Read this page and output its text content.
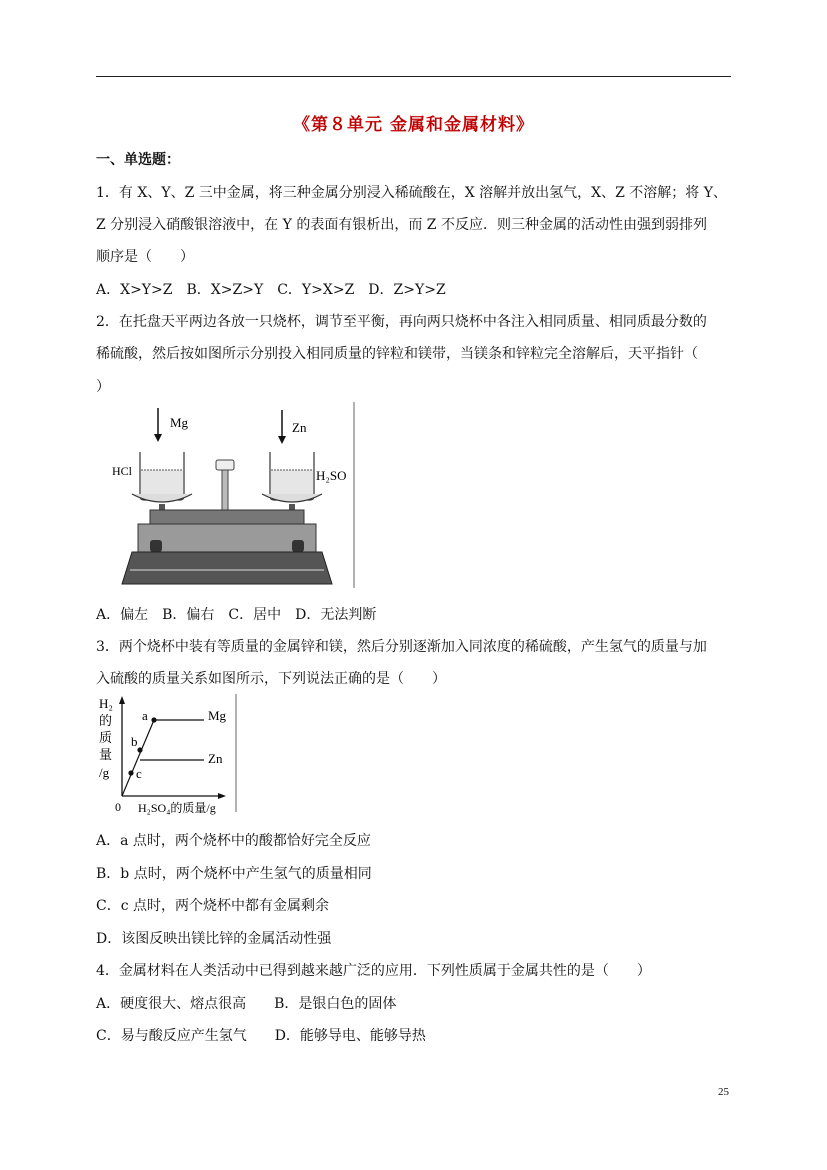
《第８单元 金属和金属材料》
一、单选题：
1．有 X、Y、Z 三中金属，将三种金属分别浸入稀硫酸在，X 溶解并放出氢气，X、Z 不溶解；将 Y、
Z 分别浸入硝酸银溶液中，在 Y 的表面有银析出，而 Z 不反应．则三种金属的活动性由强到弱排列
顺序是（　　）
A．X>Y>Z　B．X>Z>Y　C．Y>X>Z　D．Z>Y>Z
2．在托盘天平两边各放一只烧杯，调节至平衡，再向两只烧杯中各注入相同质量、相同质最分数的
稀硫酸，然后按如图所示分别投入相同质量的锌粒和镁带，当镁条和锌粒完全溶解后，天平指针（
）
Mg	Zn
HCl	H₂SO
A．偏左　B．偏右　C．居中　D．无法判断
3．两个烧杯中装有等质量的金属锌和镁，然后分别逐渐加入同浓度的稀硫酸，产生氢气的质量与加
入硫酸的质量关系如图所示，下列说法正确的是（　　）
H₂
的
质
量
/g
0 H₂SO₄的质量/g
a
b
c
Mg
Zn
A．a 点时，两个烧杯中的酸都恰好完全反应
B．b 点时，两个烧杯中产生氢气的质量相同
C．c 点时，两个烧杯中都有金属剩余
D．该图反映出镁比锌的金属活动性强
4．金属材料在人类活动中已得到越来越广泛的应用．下列性质属于金属共性的是（　　）
A．硬度很大、熔点很高　　B．是银白色的固体
C．易与酸反应产生氢气　　D．能够导电、能够导热
25
